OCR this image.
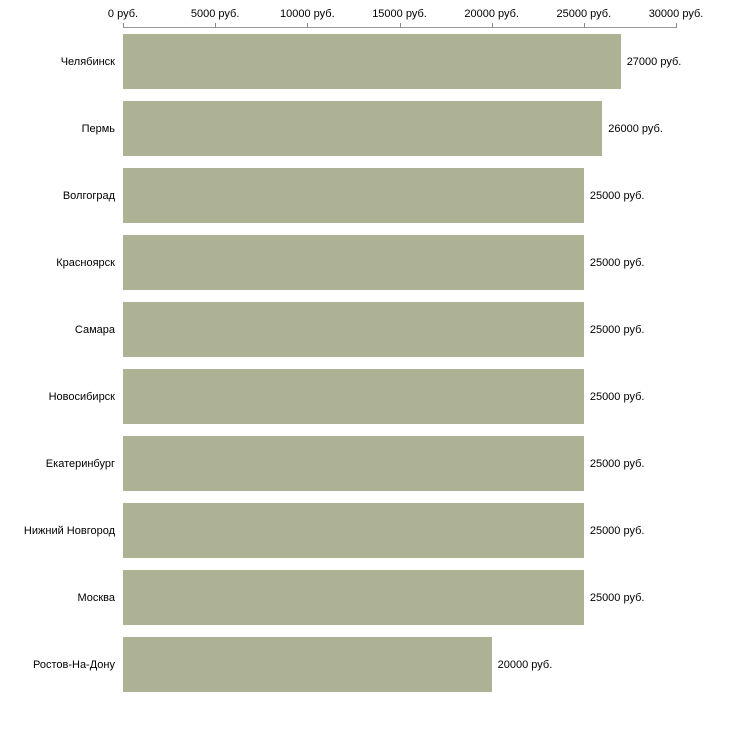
0 руб.	5000 руб.	10000 руб.	15000 руб.	20000 руб.	25000 руб.	30000 руб.
Челябинск	27000 руб.
Пермь	26000 руб.
Волгоград	25000 руб.
Красноярск	25000 руб.
Самара	25000 руб.
Новосибирск	25000 руб.
Екатеринбург	25000 руб.
Нижний Новгород	25000 руб.
Москва	25000 руб.
Ростов-На-Дону	20000 руб.
